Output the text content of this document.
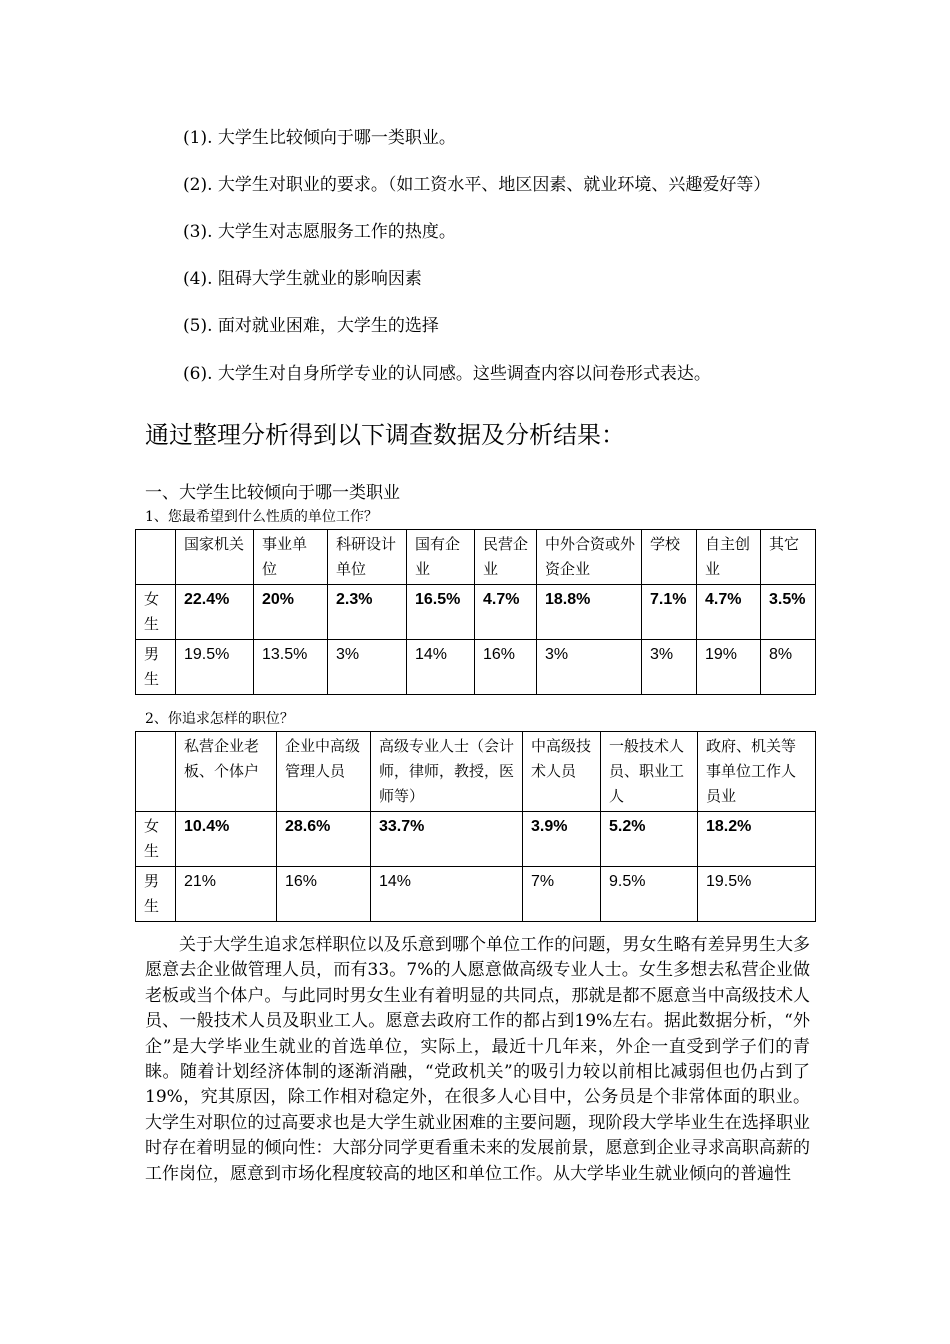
(1). 大学生比较倾向于哪一类职业。
(2). 大学生对职业的要求。（如工资水平、地区因素、就业环境、兴趣爱好等）
(3). 大学生对志愿服务工作的热度。
(4). 阻碍大学生就业的影响因素
(5). 面对就业困难，大学生的选择
(6). 大学生对自身所学专业的认同感。这些调查内容以问卷形式表达。
通过整理分析得到以下调查数据及分析结果：
一、大学生比较倾向于哪一类职业
1、您最希望到什么性质的单位工作？
	国家机关	事业单位	科研设计单位	国有企业	民营企业	中外合资或外资企业	学校	自主创业	其它
女生	22.4%	20%	2.3%	16.5%	4.7%	18.8%	7.1%	4.7%	3.5%
男生	19.5%	13.5%	3%	14%	16%	3%	3%	19%	8%
2、你追求怎样的职位？
	私营企业老板、个体户	企业中高级管理人员	高级专业人士（会计师，律师，教授，医师等）	中高级技术人员	一般技术人员、职业工人	政府、机关等事单位工作人员业
女生	10.4%	28.6%	33.7%	3.9%	5.2%	18.2%
男生	21%	16%	14%	7%	9.5%	19.5%

关于大学生追求怎样职位以及乐意到哪个单位工作的问题，男女生略有差异男生大多愿意去企业做管理人员，而有33。7%的人愿意做高级专业人士。女生多想去私营企业做老板或当个体户。与此同时男女生业有着明显的共同点，那就是都不愿意当中高级技术人员、一般技术人员及职业工人。愿意去政府工作的都占到19%左右。据此数据分析，“外企”是大学毕业生就业的首选单位，实际上，最近十几年来，外企一直受到学子们的青睐。随着计划经济体制的逐渐消融，“党政机关”的吸引力较以前相比减弱但也仍占到了19%，究其原因，除工作相对稳定外，在很多人心目中，公务员是个非常体面的职业。大学生对职位的过高要求也是大学生就业困难的主要问题，现阶段大学毕业生在选择职业时存在着明显的倾向性：大部分同学更看重未来的发展前景，愿意到企业寻求高职高薪的工作岗位，愿意到市场化程度较高的地区和单位工作。从大学毕业生就业倾向的普遍性
